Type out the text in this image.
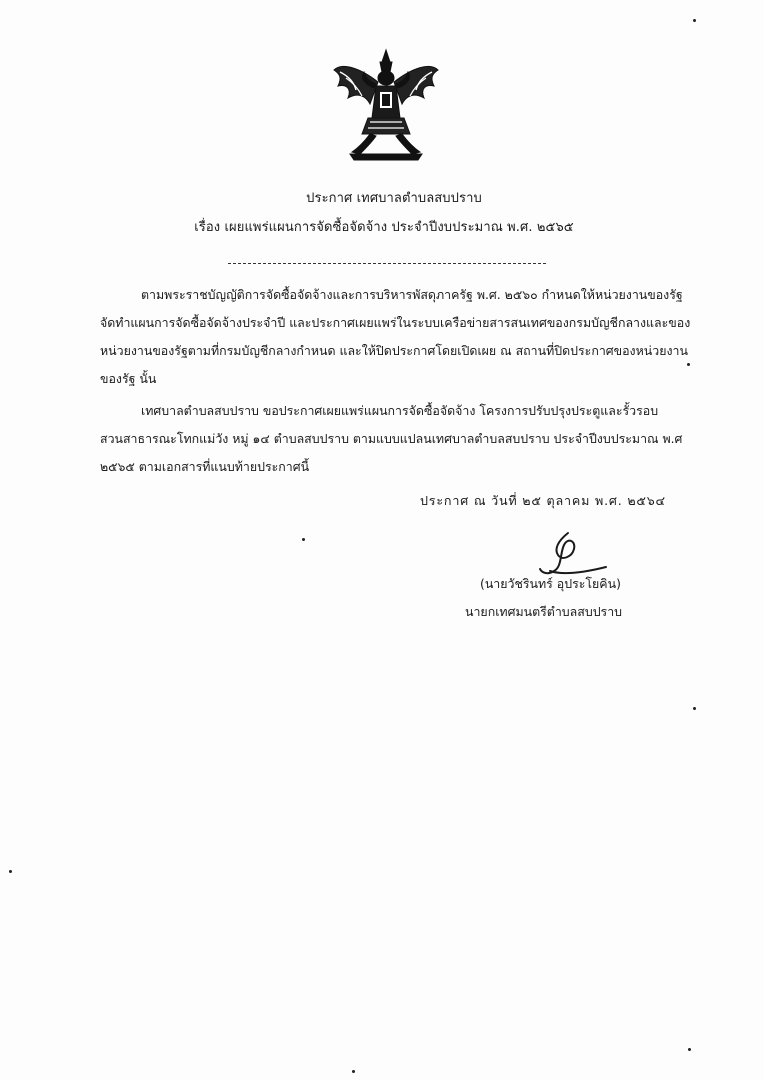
ประกาศ เทศบาลตำบลสบปราบ
เรื่อง เผยแพร่แผนการจัดซื้อจัดจ้าง ประจำปีงบประมาณ พ.ศ. ๒๕๖๕

ตามพระราชบัญญัติการจัดซื้อจัดจ้างและการบริหารพัสดุภาครัฐ พ.ศ. ๒๕๖๐ กำหนดให้หน่วยงานของรัฐ

จัดทำแผนการจัดซื้อจัดจ้างประจำปี และประกาศเผยแพร่ในระบบเครือข่ายสารสนเทศของกรมบัญชีกลางและของ

หน่วยงานของรัฐตามที่กรมบัญชีกลางกำหนด และให้ปิดประกาศโดยเปิดเผย ณ สถานที่ปิดประกาศของหน่วยงาน

ของรัฐ นั้น

เทศบาลตำบลสบปราบ ขอประกาศเผยแพร่แผนการจัดซื้อจัดจ้าง โครงการปรับปรุงประตูและรั้วรอบ

สวนสาธารณะโทกแม่วัง หมู่ ๑๔ ตำบลสบปราบ ตามแบบแปลนเทศบาลตำบลสบปราบ ประจำปีงบประมาณ พ.ศ

๒๕๖๕ ตามเอกสารที่แนบท้ายประกาศนี้

ประกาศ ณ วันที่ ๒๕ ตุลาคม พ.ศ. ๒๕๖๔
(นายวัชรินทร์ อุประโยคิน)
นายกเทศมนตรีตำบลสบปราบ
